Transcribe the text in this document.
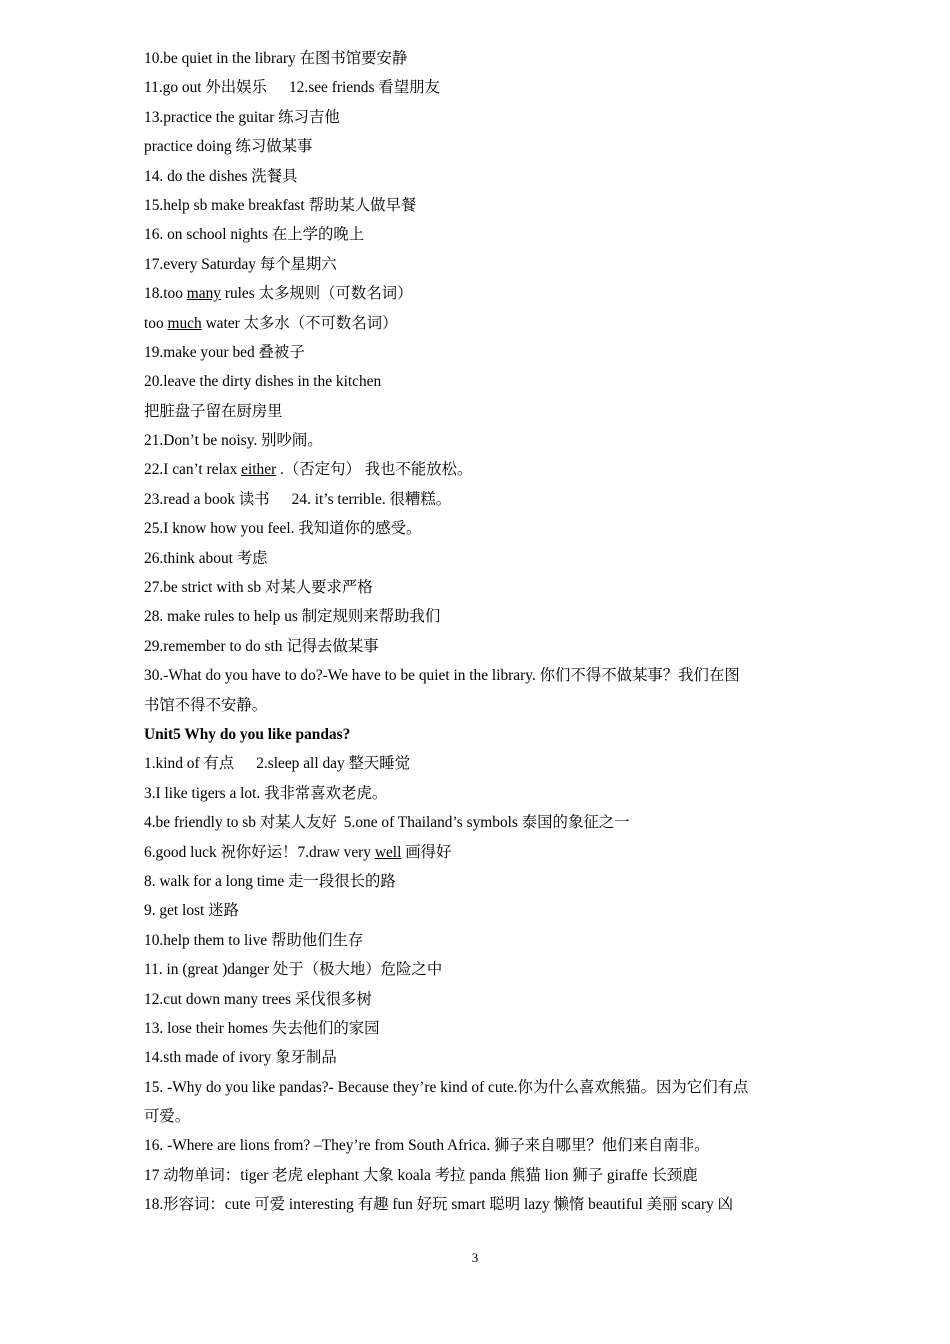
10.be quiet in the library 在图书馆要安静
11.go out 外出娱乐 12.see friends 看望朋友
13.practice the guitar 练习吉他
practice doing 练习做某事
14. do the dishes 洗餐具
15.help sb make breakfast 帮助某人做早餐
16. on school nights 在上学的晚上
17.every Saturday 每个星期六
18.too many rules 太多规则（可数名词）
too much water 太多水（不可数名词）
19.make your bed 叠被子
20.leave the dirty dishes in the kitchen
把脏盘子留在厨房里
21.Don’t be noisy. 别吵闹。
22.I can’t relax either .（否定句） 我也不能放松。
23.read a book 读书 24. it’s terrible. 很糟糕。
25.I know how you feel. 我知道你的感受。
26.think about 考虑
27.be strict with sb 对某人要求严格
28. make rules to help us 制定规则来帮助我们
29.remember to do sth 记得去做某事
30.-What do you have to do?-We have to be quiet in the library. 你们不得不做某事？我们在图
书馆不得不安静。
Unit5 Why do you like pandas?
1.kind of 有点 2.sleep all day 整天睡觉
3.I like tigers a lot. 我非常喜欢老虎。
4.be friendly to sb 对某人友好 5.one of Thailand’s symbols 泰国的象征之一
6.good luck 祝你好运！7.draw very well 画得好
8. walk for a long time 走一段很长的路
9. get lost 迷路
10.help them to live 帮助他们生存
11. in (great )danger 处于（极大地）危险之中
12.cut down many trees 采伐很多树
13. lose their homes 失去他们的家园
14.sth made of ivory 象牙制品
15. -Why do you like pandas?- Because they’re kind of cute.你为什么喜欢熊猫。因为它们有点
可爱。
16. -Where are lions from? –They’re from South Africa. 狮子来自哪里？他们来自南非。
17 动物单词：tiger 老虎 elephant 大象 koala 考拉 panda 熊猫 lion 狮子 giraffe 长颈鹿
18.形容词：cute 可爱 interesting 有趣 fun 好玩 smart 聪明 lazy 懒惰 beautiful 美丽 scary 凶
3
